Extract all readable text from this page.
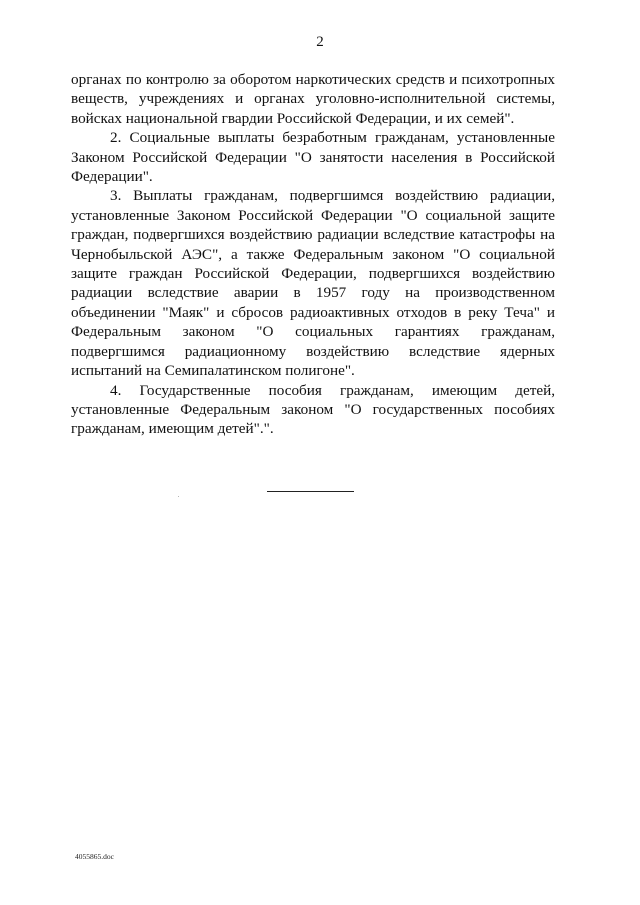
2

органах по контролю за оборотом наркотических средств и психотропных веществ, учреждениях и органах уголовно-исполнительной системы, войсках национальной гвардии Российской Федерации, и их семей".

2. Социальные выплаты безработным гражданам, установленные Законом Российской Федерации "О занятости населения в Российской Федерации".

3. Выплаты гражданам, подвергшимся воздействию радиации, установленные Законом Российской Федерации "О социальной защите граждан, подвергшихся воздействию радиации вследствие катастрофы на Чернобыльской АЭС", а также Федеральным законом "О социальной защите граждан Российской Федерации, подвергшихся воздействию радиации вследствие аварии в 1957 году на производственном объединении "Маяк" и сбросов радиоактивных отходов в реку Теча" и Федеральным законом "О социальных гарантиях гражданам, подвергшимся радиационному воздействию вследствие ядерных испытаний на Семипалатинском полигоне".

4. Государственные пособия гражданам, имеющим детей, установленные Федеральным законом "О государственных пособиях гражданам, имеющим детей".".

4055865.doc
